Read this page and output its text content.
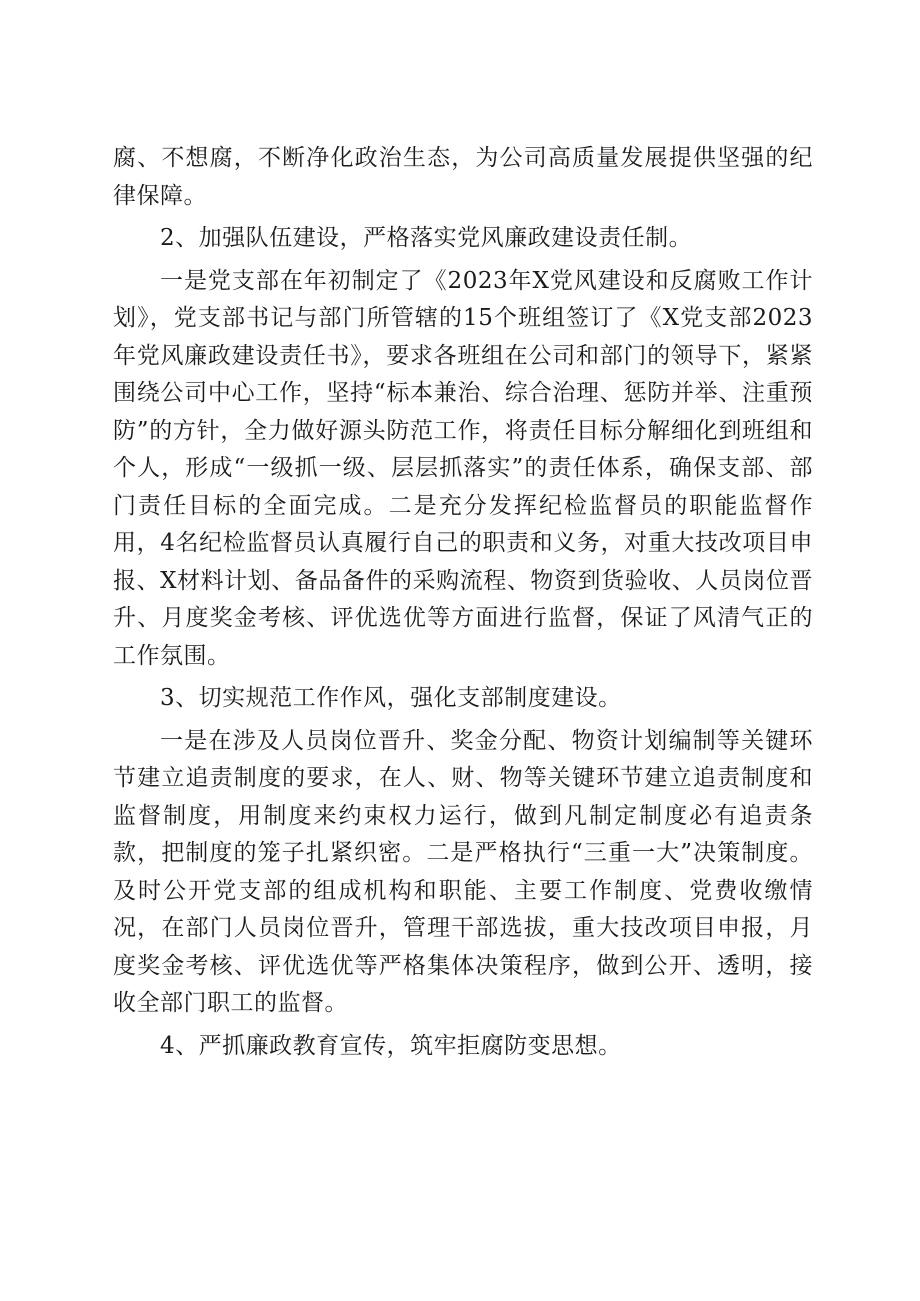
腐、不想腐，不断净化政治生态，为公司高质量发展提供坚强的纪律保障。

2、加强队伍建设，严格落实党风廉政建设责任制。

一是党支部在年初制定了《2023年X党风建设和反腐败工作计划》，党支部书记与部门所管辖的15个班组签订了《X党支部2023年党风廉政建设责任书》，要求各班组在公司和部门的领导下，紧紧围绕公司中心工作，坚持“标本兼治、综合治理、惩防并举、注重预防”的方针，全力做好源头防范工作，将责任目标分解细化到班组和个人，形成“一级抓一级、层层抓落实”的责任体系，确保支部、部门责任目标的全面完成。二是充分发挥纪检监督员的职能监督作用，4名纪检监督员认真履行自己的职责和义务，对重大技改项目申报、X材料计划、备品备件的采购流程、物资到货验收、人员岗位晋升、月度奖金考核、评优选优等方面进行监督，保证了风清气正的工作氛围。

3、切实规范工作作风，强化支部制度建设。

一是在涉及人员岗位晋升、奖金分配、物资计划编制等关键环节建立追责制度的要求，在人、财、物等关键环节建立追责制度和监督制度，用制度来约束权力运行，做到凡制定制度必有追责条款，把制度的笼子扎紧织密。二是严格执行“三重一大”决策制度。及时公开党支部的组成机构和职能、主要工作制度、党费收缴情况，在部门人员岗位晋升，管理干部选拔，重大技改项目申报，月度奖金考核、评优选优等严格集体决策程序，做到公开、透明，接收全部门职工的监督。

4、严抓廉政教育宣传，筑牢拒腐防变思想。
